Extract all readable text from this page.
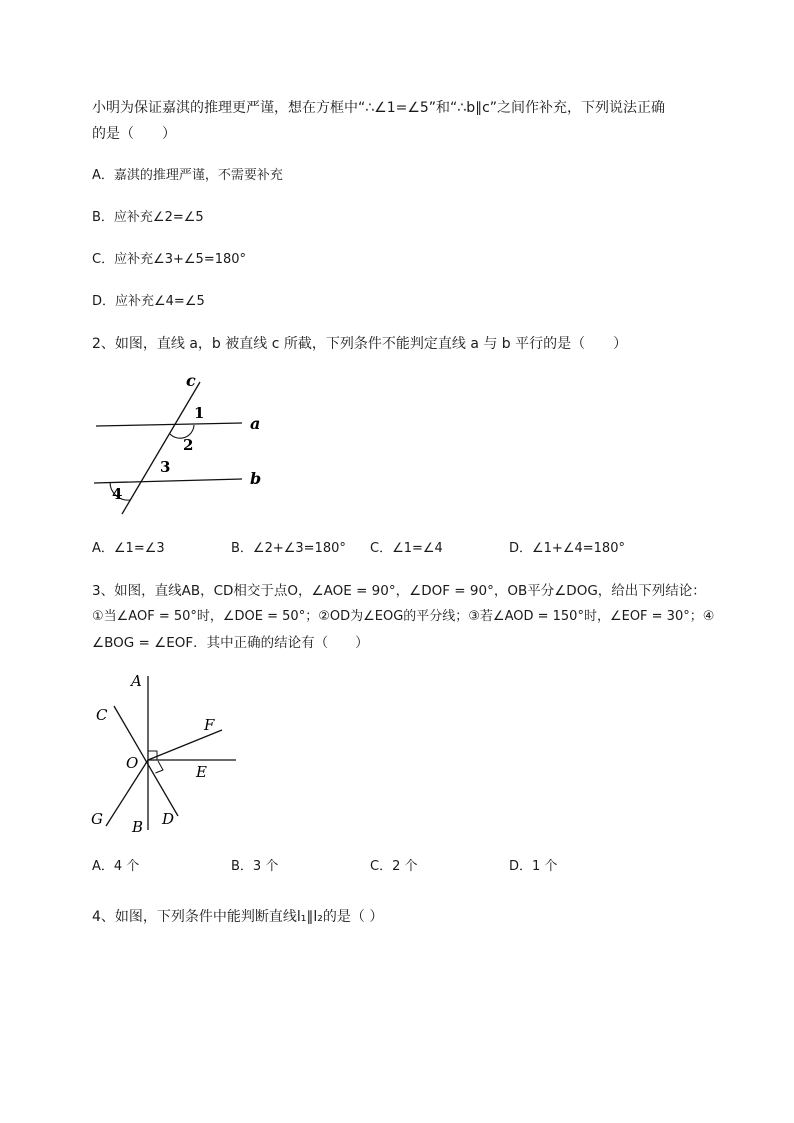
小明为保证嘉淇的推理更严谨，想在方框中“∴∠1=∠5”和“∴b∥c”之间作补充，下列说法正确
的是（　　）
A．嘉淇的推理严谨，不需要补充
B．应补充∠2=∠5
C．应补充∠3+∠5=180°
D．应补充∠4=∠5
2、如图，直线 a，b 被直线 c 所截，下列条件不能判定直线 a 与 b 平行的是（　　）
c
a
b
1
2
3
4
A．∠1=∠3	B．∠2+∠3=180° C．∠1=∠4	D．∠1+∠4=180°
3、如图，直线AB，CD相交于点O，∠AOE = 90°，∠DOF = 90°，OB平分∠DOG，给出下列结论：
①当∠AOF = 50°时，∠DOE = 50°；②OD为∠EOG的平分线；③若∠AOD = 150°时，∠EOF = 30°；④
∠BOG = ∠EOF．其中正确的结论有（　　）
A
C
F
O	E
G B D
A．4 个	B．3 个	C．2 个	D．1 个
4、如图，下列条件中能判断直线l₁∥l₂的是（ ）
